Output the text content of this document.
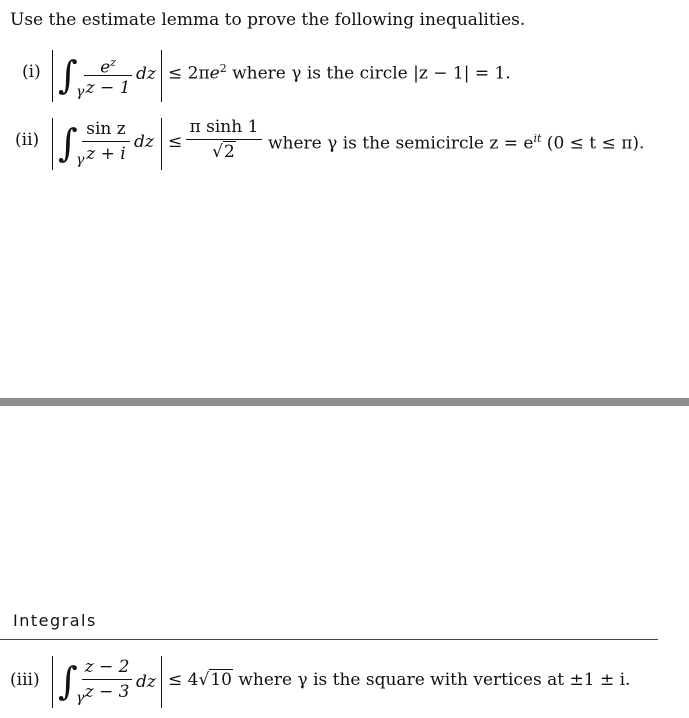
Use the estimate lemma to prove the following inequalities.
(i) ∫
γ
$e^z$
z − 1
dz ≤ $2\pi e^2$ where γ is the circle |z − 1| = 1.
(ii) ∫
γ
sin z
z + i
dz ≤
π sinh 1
√2	where γ is the semicircle $z = e^{it}$ (0 ≤ t ≤ π).
Integrals
(iii) ∫
γ
z − 2
z − 3 dz ≤ 4√10 where γ is the square with vertices at ±1 ± i.
